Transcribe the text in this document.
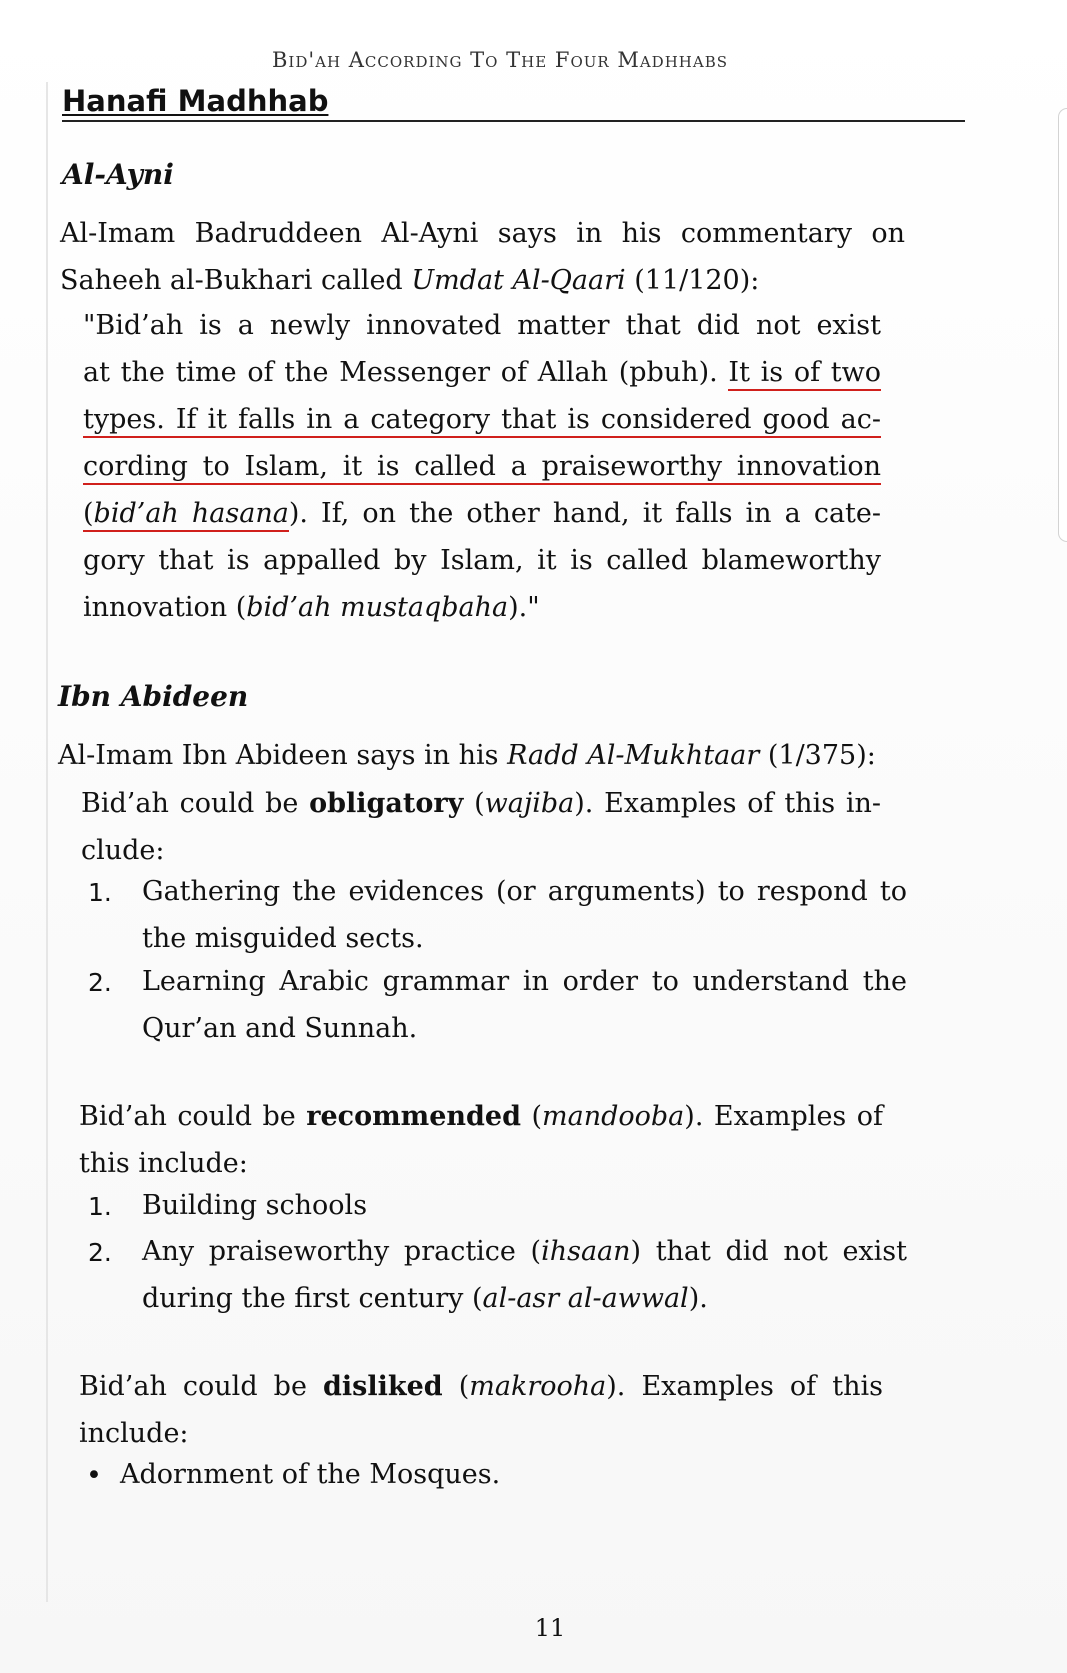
Bid'ah According To The Four Madhhabs
Hanafi Madhhab
Al-Ayni
Al-Imam Badruddeen Al-Ayni says in his commentary on
Saheeh al-Bukhari called Umdat Al-Qaari (11/120):
"Bid’ah is a newly innovated matter that did not exist
at the time of the Messenger of Allah (pbuh). It is of two
types. If it falls in a category that is considered good ac-
cording to Islam, it is called a praiseworthy innovation
(bid’ah hasana). If, on the other hand, it falls in a cate-
gory that is appalled by Islam, it is called blameworthy
innovation (bid’ah mustaqbaha)."
Ibn Abideen
Al-Imam Ibn Abideen says in his Radd Al-Mukhtaar (1/375):
Bid’ah could be obligatory (wajiba). Examples of this in-
clude:
1. Gathering the evidences (or arguments) to respond to
the misguided sects.
2. Learning Arabic grammar in order to understand the
Qur’an and Sunnah.
Bid’ah could be recommended (mandooba). Examples of
this include:
1. Building schools
2. Any praiseworthy practice (ihsaan) that did not exist
during the first century (al-asr al-awwal).
Bid’ah could be disliked (makrooha). Examples of this
include:
• Adornment of the Mosques.
11
